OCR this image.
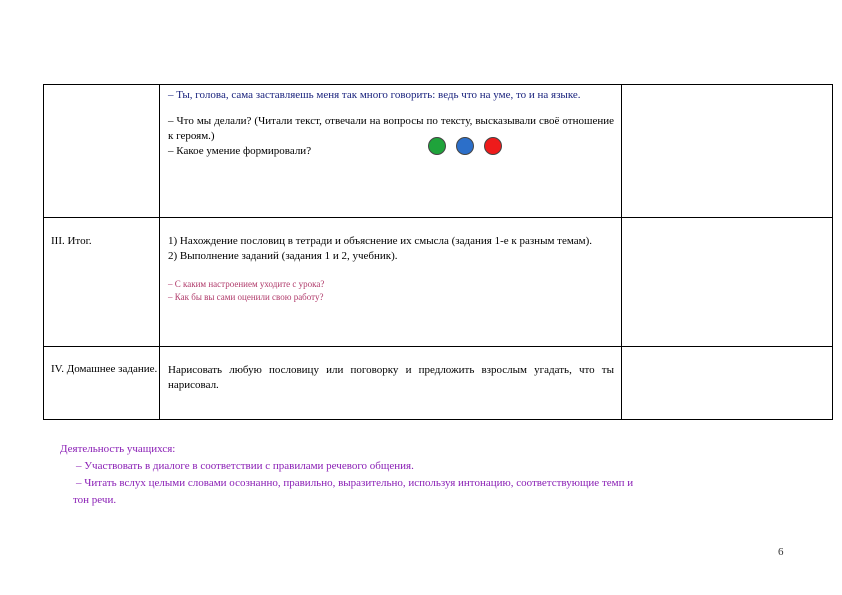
	– Ты, голова, сама заставляешь меня так много говорить: ведь что на уме, то и на языке.
– Что мы делали? (Читали текст, отвечали на вопросы по тексту, высказывали своё отношение к героям.)
– Какое умение формировали?	

III. Итог.	1) Нахождение пословиц в тетради и объяснение их смысла (задания 1-е к разным темам).
2) Выполнение заданий (задания 1 и 2, учебник).
– С каким настроением уходите с урока?
– Как бы вы сами оценили свою работу?	

IV. Домашнее задание.	Нарисовать любую пословицу или поговорку и предложить взрослым угадать, что ты нарисовал.	

Деятельность учащихся:
– Участвовать в диалоге в соответствии с правилами речевого общения.
– Читать вслух целыми словами осознанно, правильно, выразительно, используя интонацию, соответствующие темп и
тон речи.
6
